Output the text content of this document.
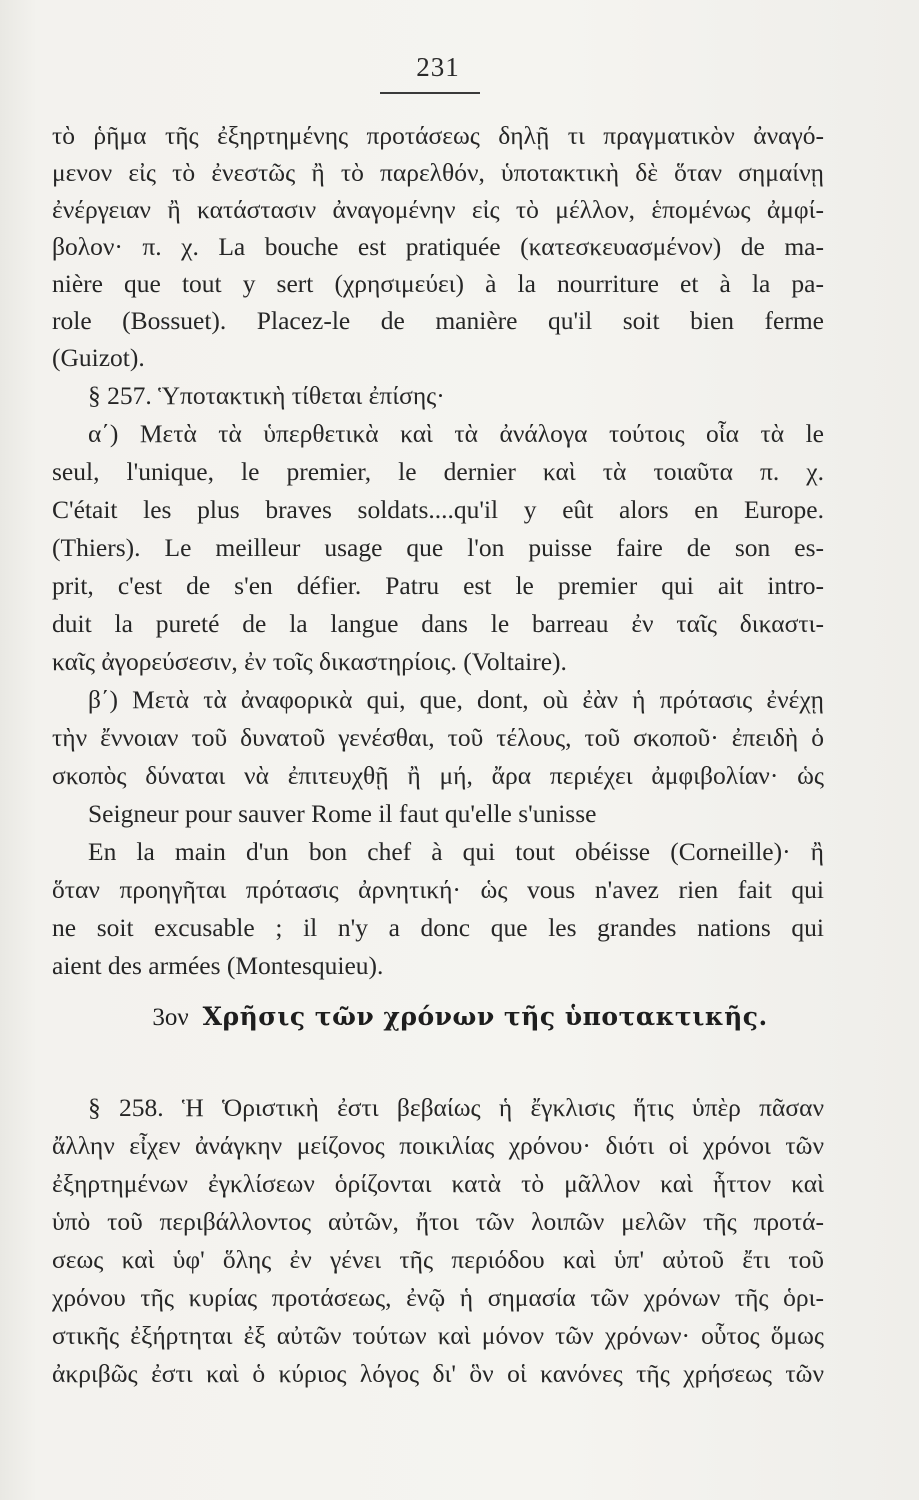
231
τὸ ῥῆμα τῆς ἐξηρτημένης προτάσεως δηλῇ τι πραγματικὸν ἀναγό-
μενον εἰς τὸ ἐνεστῶς ἢ τὸ παρελθόν, ὑποτακτικὴ δὲ ὅταν σημαίνῃ
ἐνέργειαν ἢ κατάστασιν ἀναγομένην εἰς τὸ μέλλον, ἑπομένως ἀμφί-
βολον· π. χ. La bouche est pratiquée (κατεσκευασμένον) de ma-
nière que tout y sert (χρησιμεύει) à la nourriture et à la pa-
role (Bossuet). Placez-le de manière qu'il soit bien ferme
(Guizot).
§ 257. Ὑποτακτικὴ τίθεται ἐπίσης·
α΄) Μετὰ τὰ ὑπερθετικὰ καὶ τὰ ἀνάλογα τούτοις οἷα τὰ le
seul, l'unique, le premier, le dernier καὶ τὰ τοιαῦτα π. χ.
C'était les plus braves soldats....qu'il y eût alors en Europe.
(Thiers). Le meilleur usage que l'on puisse faire de son es-
prit, c'est de s'en défier. Patru est le premier qui ait intro-
duit la pureté de la langue dans le barreau ἐν ταῖς δικαστι-
καῖς ἀγορεύσεσιν, ἐν τοῖς δικαστηρίοις. (Voltaire).
β΄) Μετὰ τὰ ἀναφορικὰ qui, que, dont, où ἐὰν ἡ πρότασις ἐνέχῃ
τὴν ἔννοιαν τοῦ δυνατοῦ γενέσθαι, τοῦ τέλους, τοῦ σκοποῦ· ἐπειδὴ ὁ
σκοπὸς δύναται νὰ ἐπιτευχθῇ ἢ μή, ἄρα περιέχει ἀμφιβολίαν· ὡς
Seigneur pour sauver Rome il faut qu'elle s'unisse
En la main d'un bon chef à qui tout obéisse (Corneille)· ἢ
ὅταν προηγῆται πρότασις ἀρνητική· ὡς vous n'avez rien fait qui
ne soit excusable ; il n'y a donc que les grandes nations qui
aient des armées (Montesquieu).
3ον Χρῆσις τῶν χρόνων τῆς ὑποτακτικῆς.
§ 258. Ἡ Ὁριστικὴ ἐστι βεβαίως ἡ ἔγκλισις ἥτις ὑπὲρ πᾶσαν
ἄλλην εἶχεν ἀνάγκην μείζονος ποικιλίας χρόνου· διότι οἱ χρόνοι τῶν
ἐξηρτημένων ἐγκλίσεων ὁρίζονται κατὰ τὸ μᾶλλον καὶ ἧττον καὶ
ὑπὸ τοῦ περιβάλλοντος αὐτῶν, ἤτοι τῶν λοιπῶν μελῶν τῆς προτά-
σεως καὶ ὑφ' ὅλης ἐν γένει τῆς περιόδου καὶ ὑπ' αὐτοῦ ἔτι τοῦ
χρόνου τῆς κυρίας προτάσεως, ἐνῷ ἡ σημασία τῶν χρόνων τῆς ὁρι-
στικῆς ἐξήρτηται ἐξ αὐτῶν τούτων καὶ μόνον τῶν χρόνων· οὗτος ὅμως
ἀκριβῶς ἐστι καὶ ὁ κύριος λόγος δι' ὃν οἱ κανόνες τῆς χρήσεως τῶν
